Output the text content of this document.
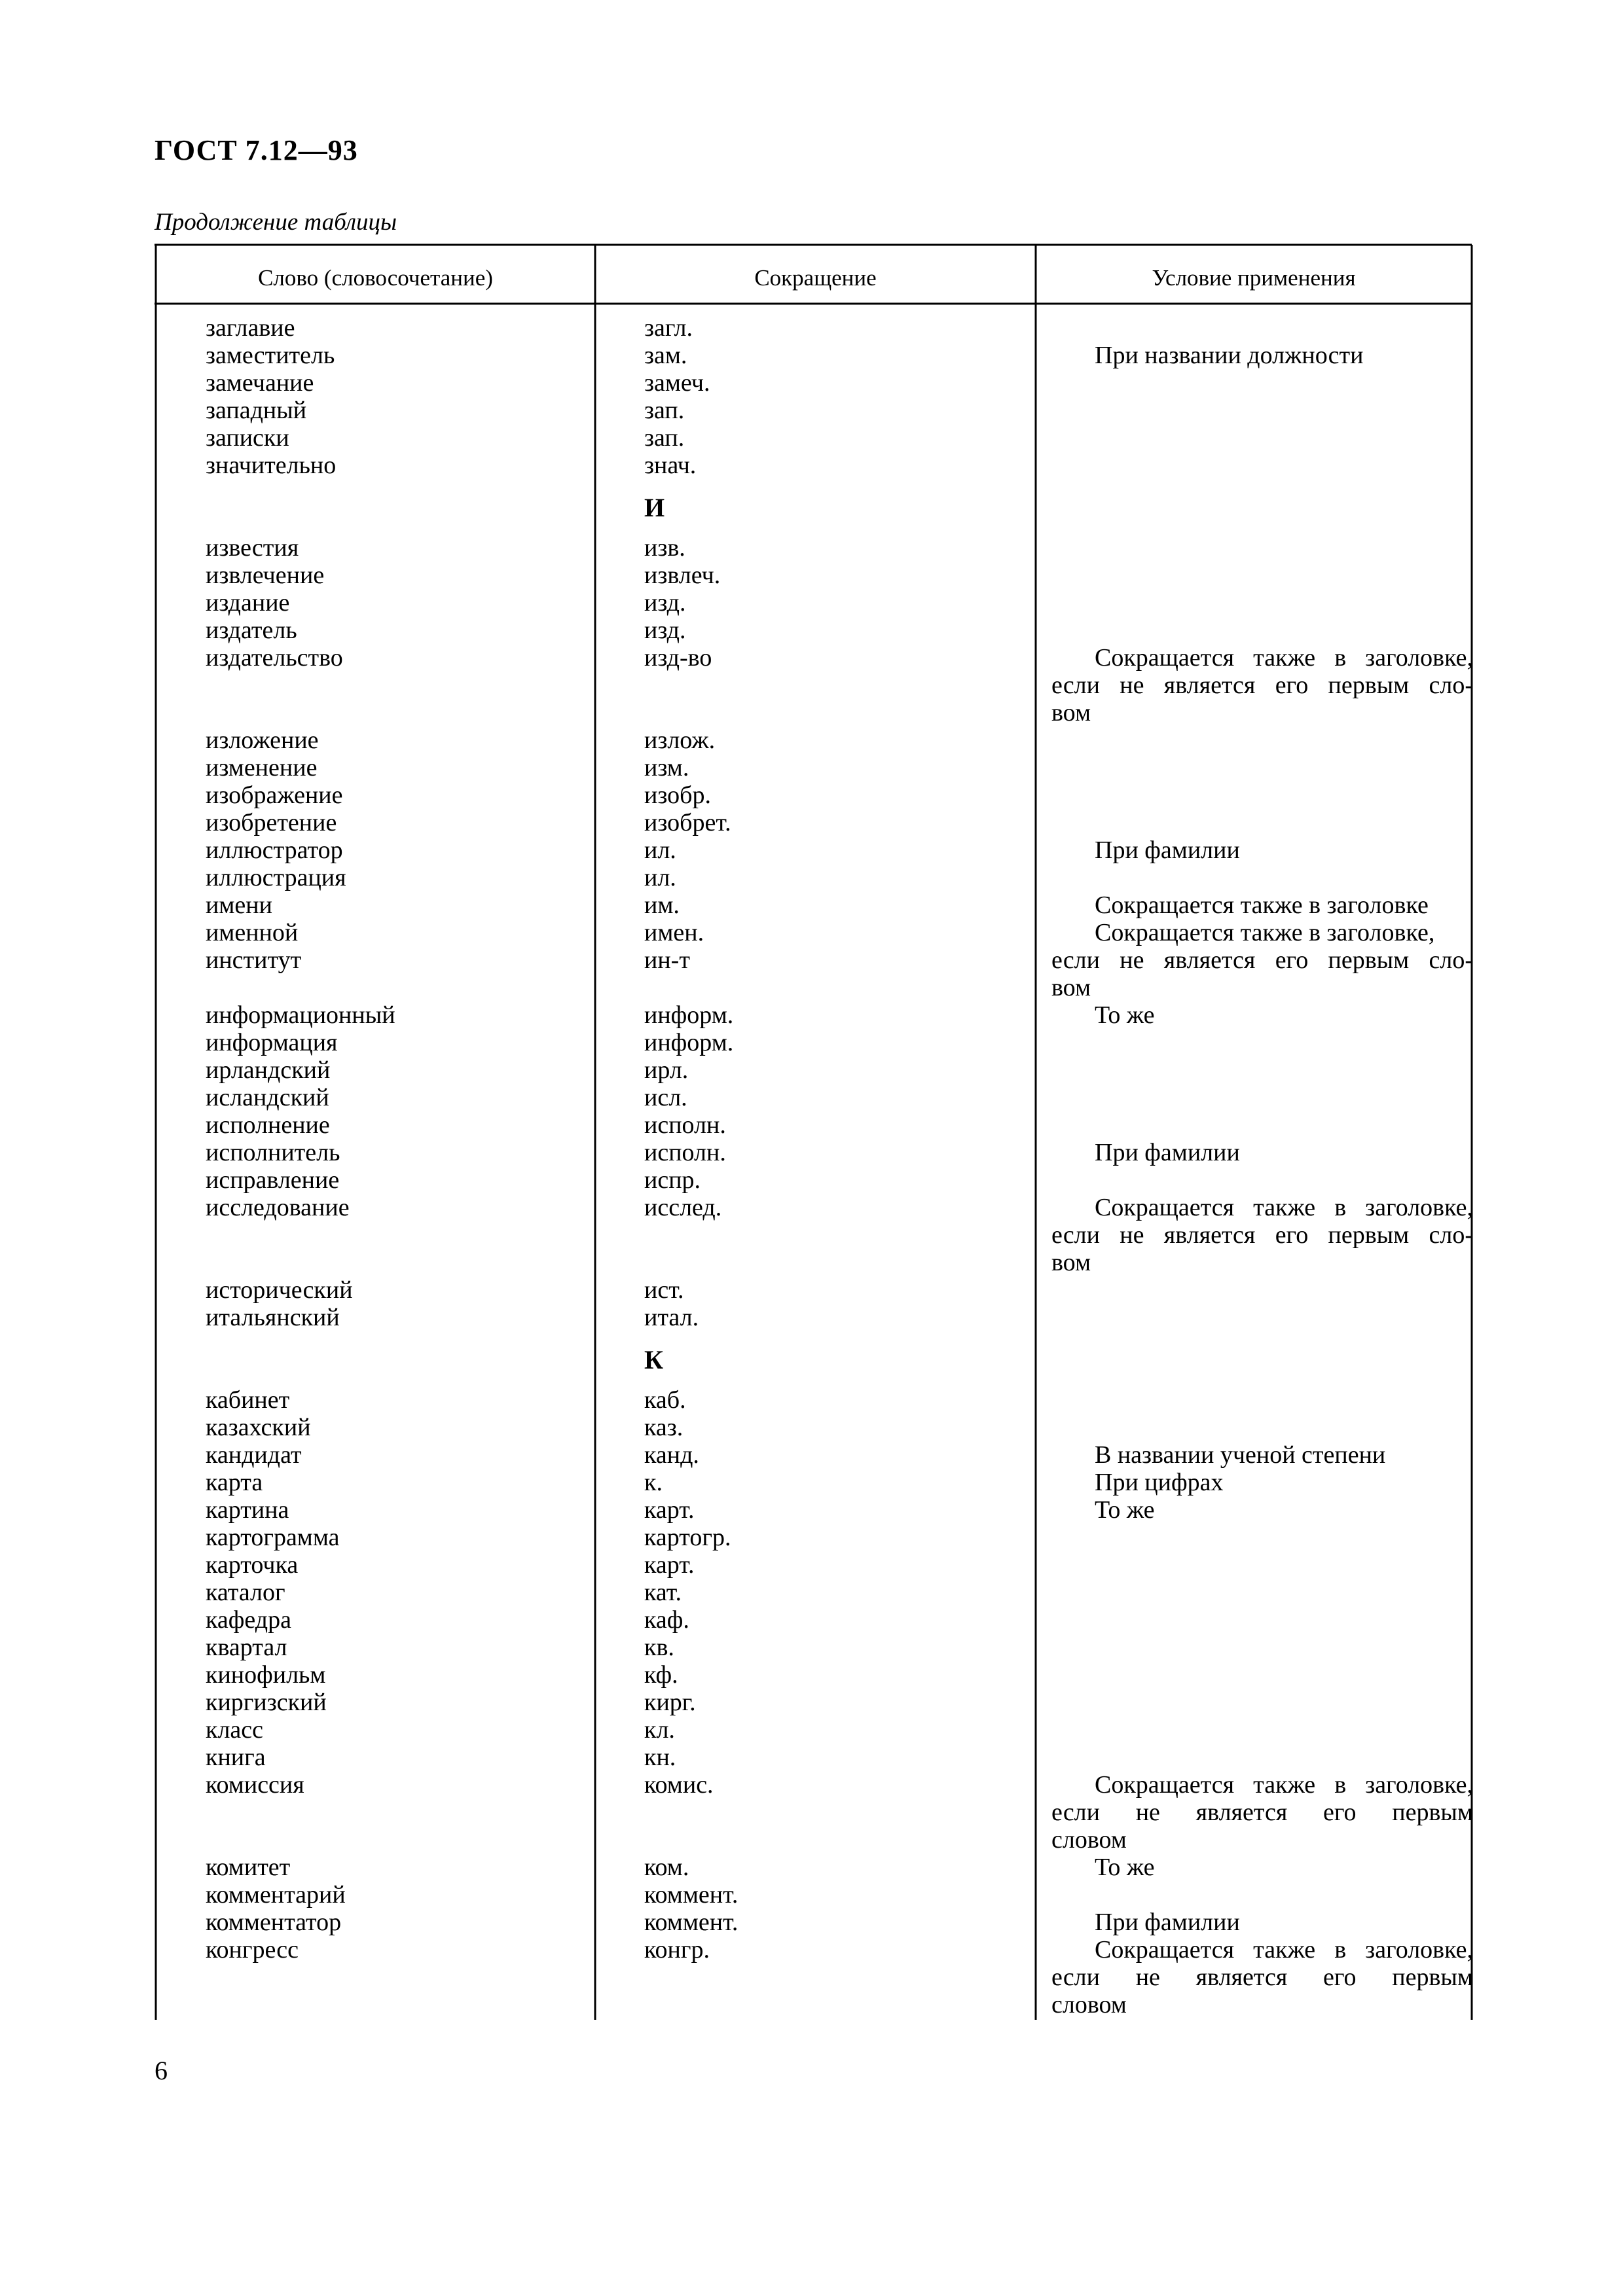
ГОСТ 7.12—93
Продолжение таблицы
Слово (словосочетание)	Сокращение	Условие применения
заглавие	загл.
заместитель	зам.	При названии должности
замечание	замеч.
западный	зап.
записки	зап.
значительно	знач.
И
известия	изв.
извлечение	извлеч.
издание	изд.
издатель	изд.
издательство	изд-во	Сокращается также в заголовке,
если не является его первым сло-
вом
изложение	излож.
изменение	изм.
изображение	изобр.
изобретение	изобрет.
иллюстратор	ил.	При фамилии
иллюстрация	ил.
имени	им.	Сокращается также в заголовке
именной	имен.	Сокращается также в заголовке,
институт	ин-т	если не является его первым сло-
вом
информационный	информ.	То же
информация	информ.
ирландский	ирл.
исландский	исл.
исполнение	исполн.
исполнитель	исполн.	При фамилии
исправление	испр.
исследование	исслед.	Сокращается также в заголовке,
если не является его первым сло-
вом
исторический	ист.
итальянский	итал.
К
кабинет	каб.
казахский	каз.
кандидат	канд.	В названии ученой степени
карта	к.	При цифрах
картина	карт.	То же
картограмма	картогр.
карточка	карт.
каталог	кат.
кафедра	каф.
квартал	кв.
кинофильм	кф.
киргизский	кирг.
класс	кл.
книга	кн.
комиссия	комис.	Сокращается также в заголовке,
если не является его первым
словом
комитет	ком.	То же
комментарий	коммент.
комментатор	коммент.	При фамилии
конгресс	конгр.	Сокращается также в заголовке,
если не является его первым
словом
6
